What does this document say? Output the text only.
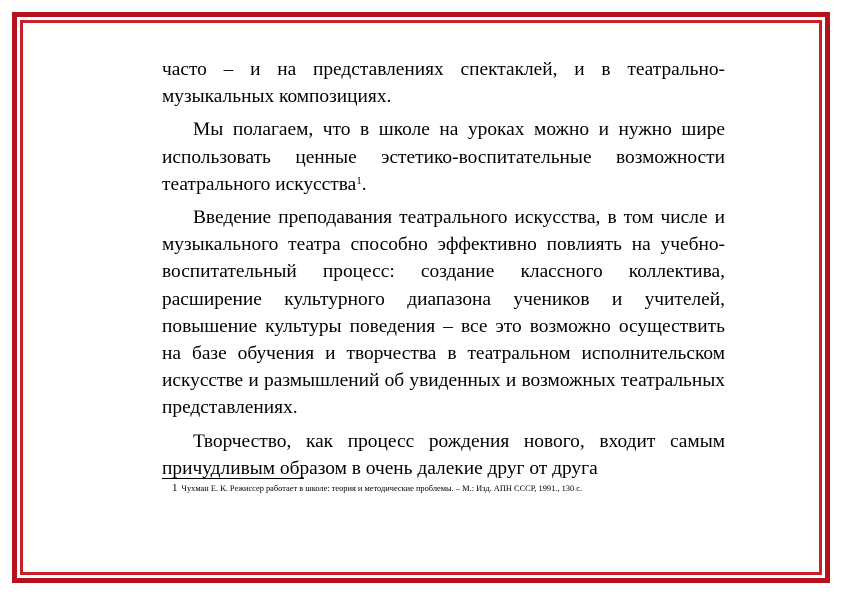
часто – и на представлениях спектаклей, и в театрально-музыкальных композициях.

Мы полагаем, что в школе на уроках можно и нужно шире использовать ценные эстетико-воспитательные возможности театрального искусства$^1$.

Введение преподавания театрального искусства, в том числе и музыкального театра способно эффективно повлиять на учебно-воспитательный процесс: создание классного коллектива, расширение культурного диапазона учеников и учителей, повышение культуры поведения – все это возможно осуществить на базе обучения и творчества в театральном исполнительском искусстве и размышлений об увиденных и возможных театральных представлениях.

Творчество, как процесс рождения нового, входит самым причудливым образом в очень далекие друг от друга

1 Чухман Е. К. Режиссер работает в школе: теория и методические проблемы. – М.: Изд. АПН СССР, 1991., 130 с.
